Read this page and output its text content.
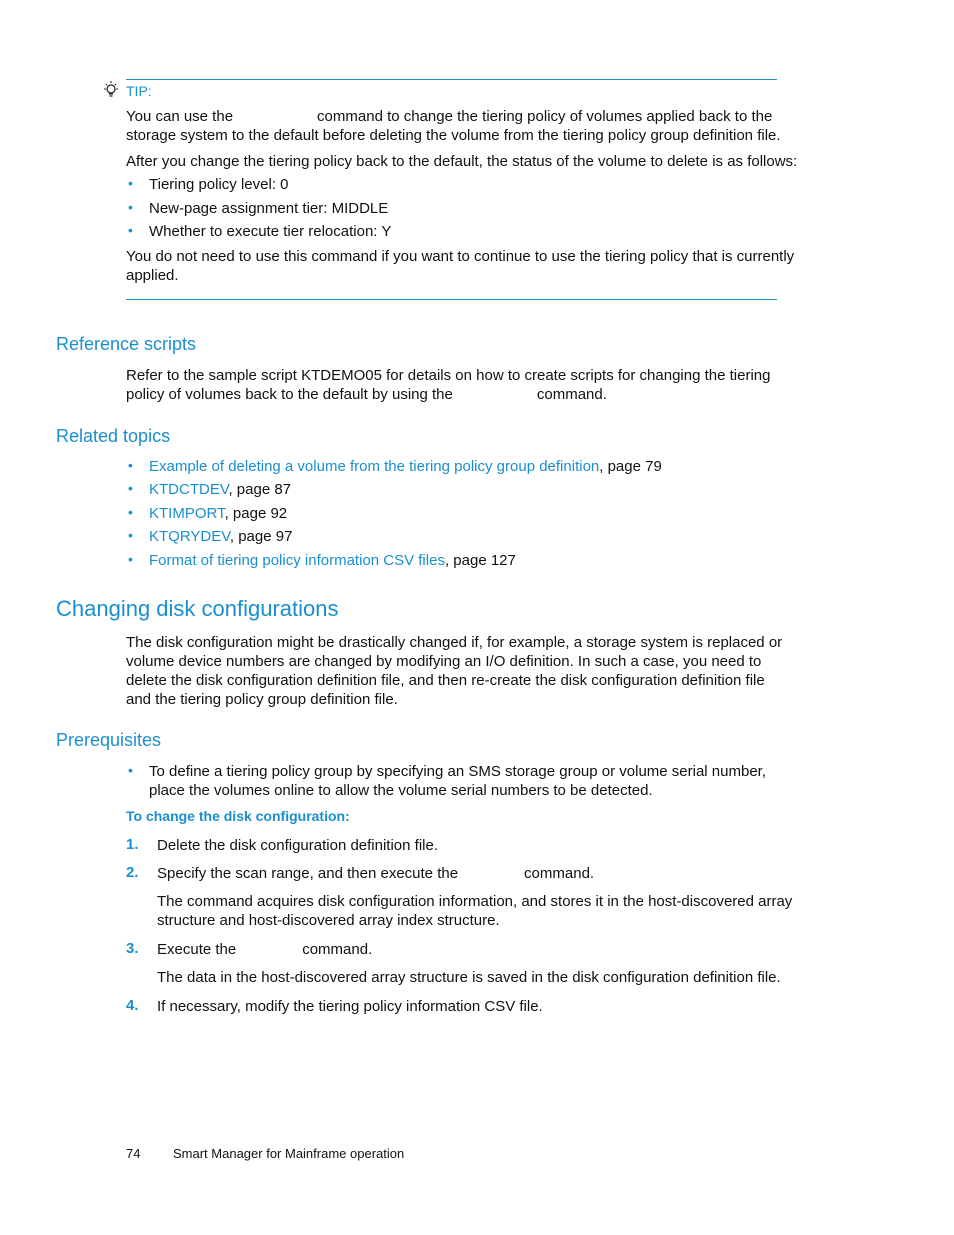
TIP:
You can use the	command to change the tiering policy of volumes applied back to the
storage system to the default before deleting the volume from the tiering policy group definition file.
After you change the tiering policy back to the default, the status of the volume to delete is as follows:
• Tiering policy level: 0
• New-page assignment tier: MIDDLE
• Whether to execute tier relocation: Y
You do not need to use this command if you want to continue to use the tiering policy that is currently
applied.
Reference scripts
Refer to the sample script KTDEMO05 for details on how to create scripts for changing the tiering
policy of volumes back to the default by using the	command.
Related topics
• Example of deleting a volume from the tiering policy group definition, page 79
• KTDCTDEV, page 87
• KTIMPORT, page 92
• KTQRYDEV, page 97
• Format of tiering policy information CSV files, page 127
Changing disk configurations
The disk configuration might be drastically changed if, for example, a storage system is replaced or
volume device numbers are changed by modifying an I/O definition. In such a case, you need to
delete the disk configuration definition file, and then re-create the disk configuration definition file
and the tiering policy group definition file.
Prerequisites
• To define a tiering policy group by specifying an SMS storage group or volume serial number,
place the volumes online to allow the volume serial numbers to be detected.
To change the disk configuration:
1. Delete the disk configuration definition file.
2. Specify the scan range, and then execute the	command.
The command acquires disk configuration information, and stores it in the host-discovered array
structure and host-discovered array index structure.
3. Execute the	command.
The data in the host-discovered array structure is saved in the disk configuration definition file.
4. If necessary, modify the tiering policy information CSV file.
74	Smart Manager for Mainframe operation
